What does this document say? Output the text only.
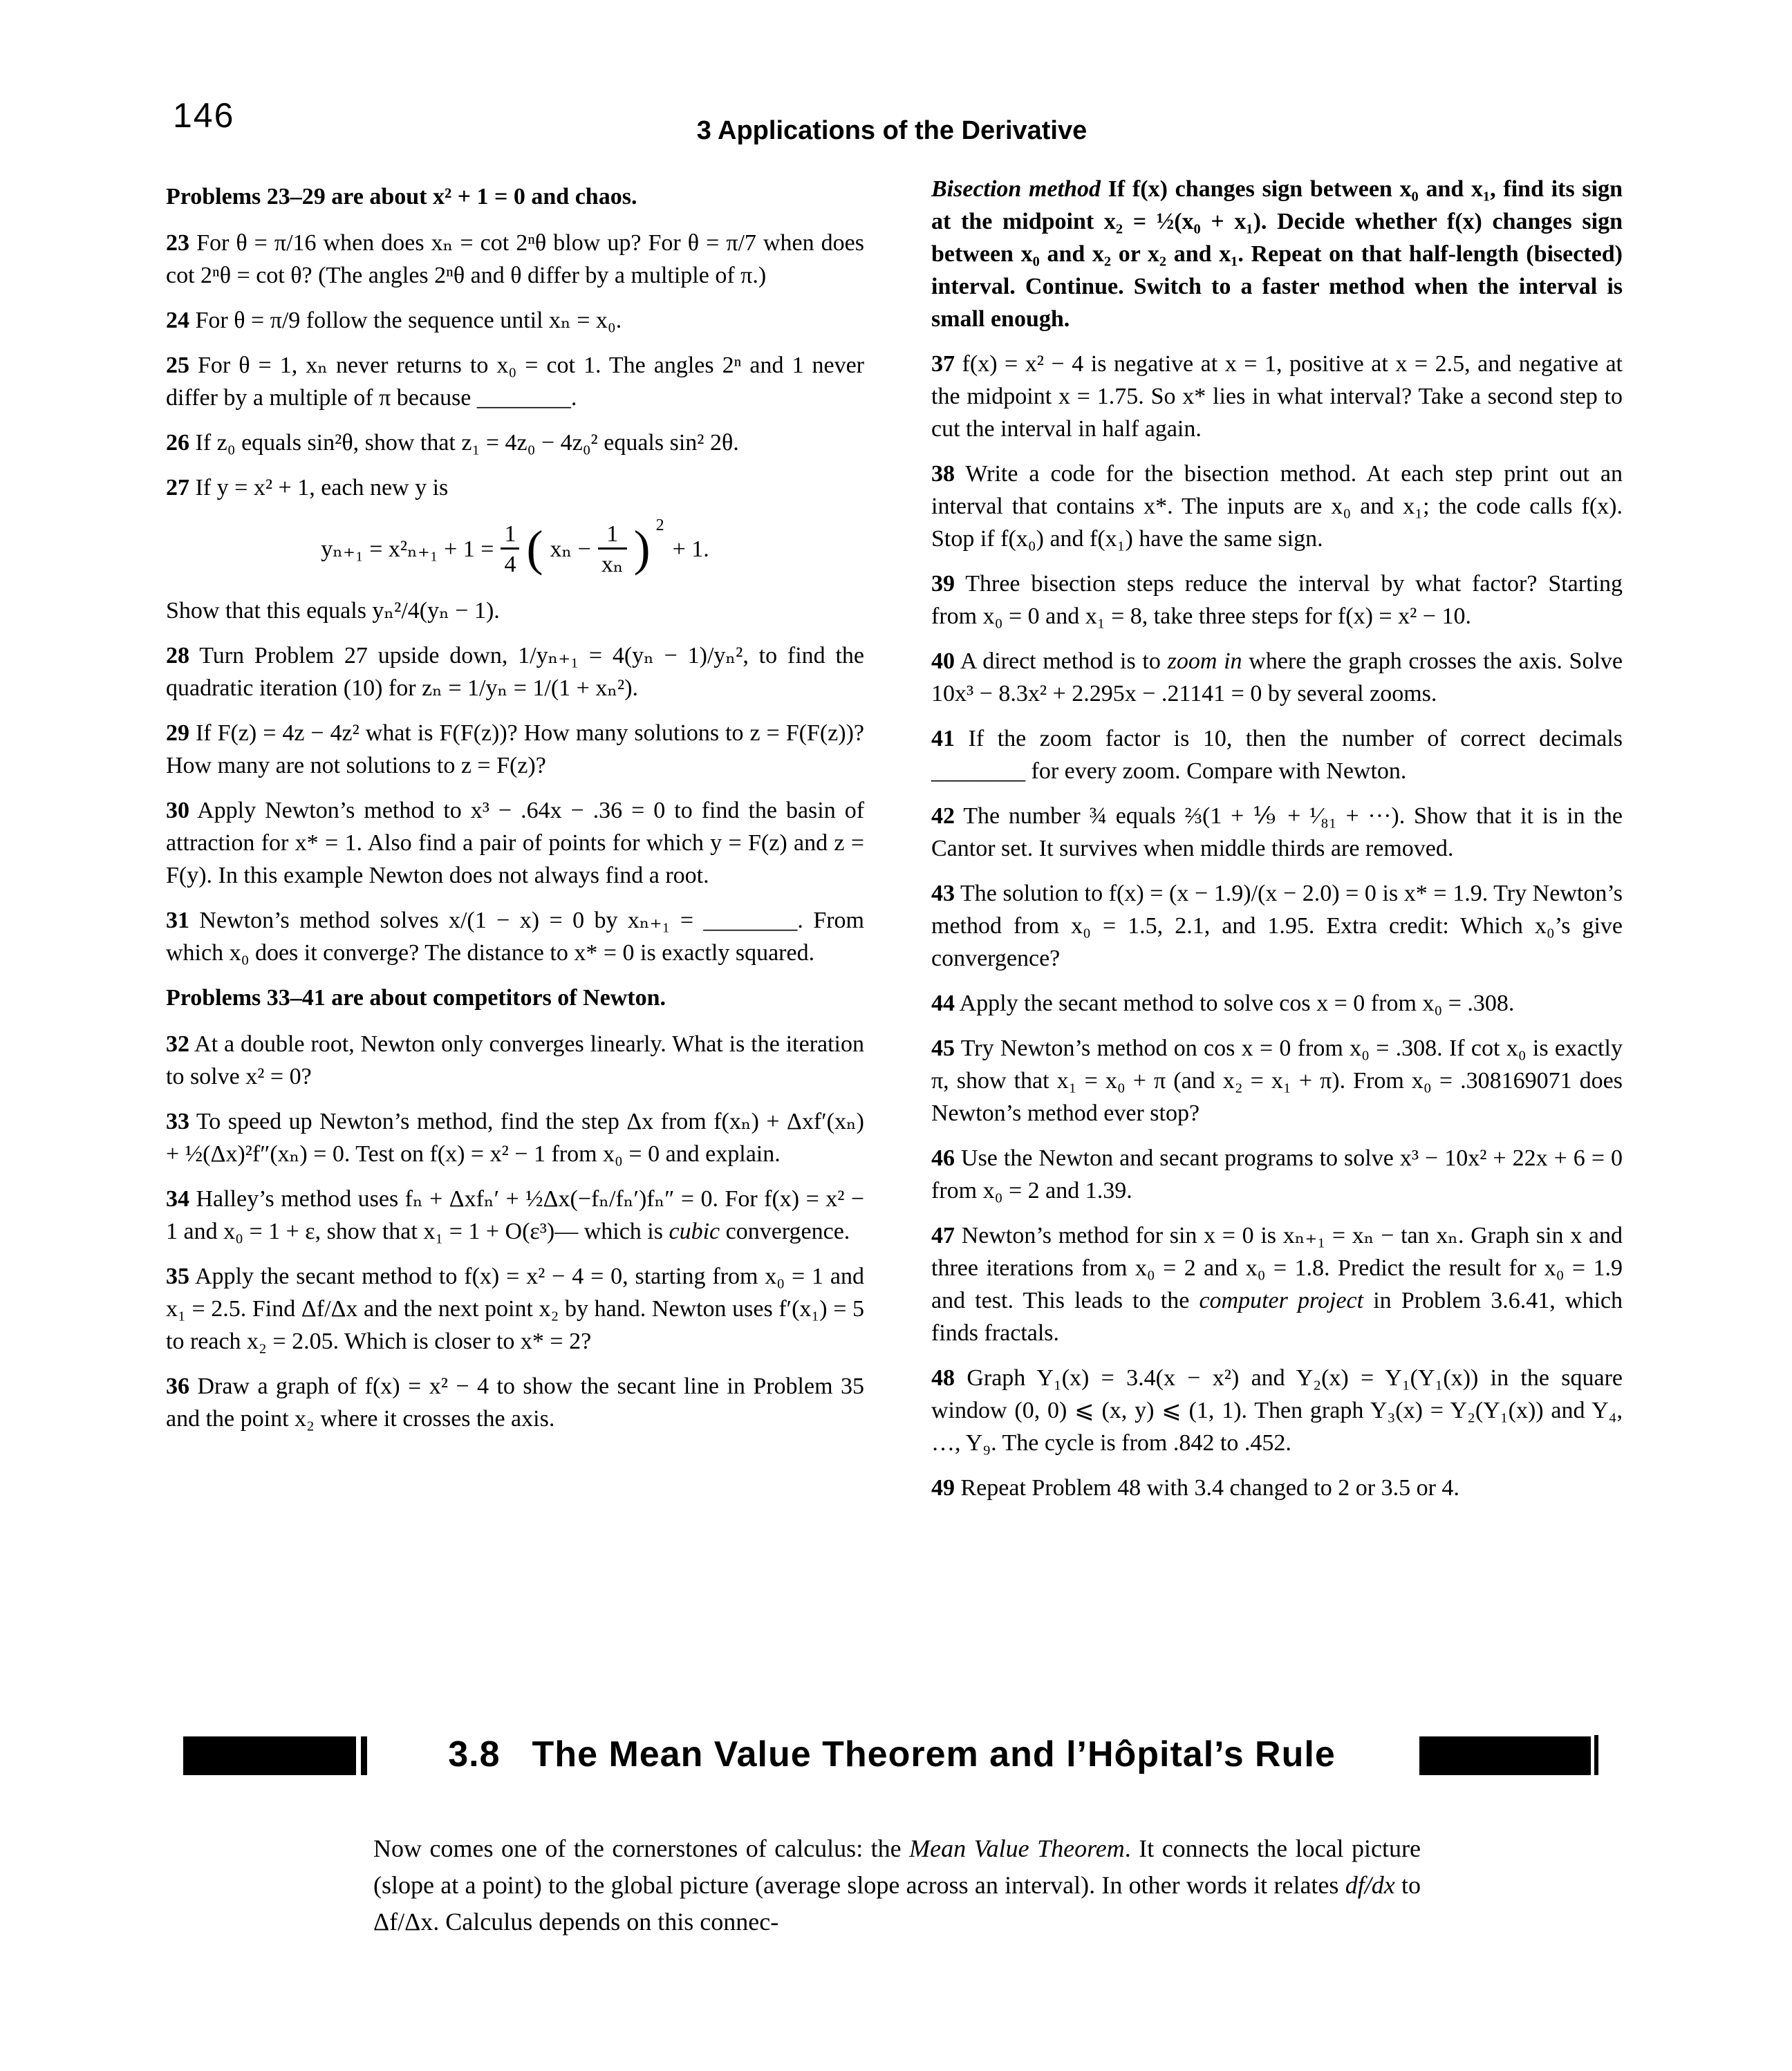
146	3 Applications of the Derivative

Problems 23–29 are about x² + 1 = 0 and chaos.

23 For θ = π/16 when does xₙ = cot 2ⁿθ blow up? For θ = π/7 when does cot 2ⁿθ = cot θ? (The angles 2ⁿθ and θ differ by a multiple of π.)

24 For θ = π/9 follow the sequence until xₙ = x₀.

25 For θ = 1, xₙ never returns to x₀ = cot 1. The angles 2ⁿ and 1 never differ by a multiple of π because ________.

26 If z₀ equals sin²θ, show that z₁ = 4z₀ − 4z₀² equals sin² 2θ.

27 If y = x² + 1, each new y is

$y_{n+1} = x^2_{n+1} + 1 = \frac{1}{4}$ ( $x_n - \frac{1}{\text{xₙ}}$ ) 2
+ 1.

Show that this equals yₙ²/4(yₙ − 1).

28 Turn Problem 27 upside down, 1/yₙ₊₁ = 4(yₙ − 1)/yₙ², to find the quadratic iteration (10) for zₙ = 1/yₙ = 1/(1 + xₙ²).

29 If F(z) = 4z − 4z² what is F(F(z))? How many solutions to z = F(F(z))? How many are not solutions to z = F(z)?

30 Apply Newton’s method to x³ − .64x − .36 = 0 to find the basin of attraction for x* = 1. Also find a pair of points for which y = F(z) and z = F(y). In this example Newton does not always find a root.

31 Newton’s method solves x/(1 − x) = 0 by xₙ₊₁ = ________. From which x₀ does it converge? The distance to x* = 0 is exactly squared.

Problems 33–41 are about competitors of Newton.

32 At a double root, Newton only converges linearly. What is the iteration to solve x² = 0?

33 To speed up Newton’s method, find the step Δx from f(xₙ) + Δxf′(xₙ) + ½(Δx)²f″(xₙ) = 0. Test on f(x) = x² − 1 from x₀ = 0 and explain.

34 Halley’s method uses fₙ + Δxfₙ′ + ½Δx(−fₙ/fₙ′)fₙ″ = 0. For f(x) = x² − 1 and x₀ = 1 + ε, show that x₁ = 1 + O(ε³)— which is cubic convergence.

35 Apply the secant method to f(x) = x² − 4 = 0, starting from x₀ = 1 and x₁ = 2.5. Find Δf/Δx and the next point x₂ by hand. Newton uses f′(x₁) = 5 to reach x₂ = 2.05. Which is closer to x* = 2?

36 Draw a graph of f(x) = x² − 4 to show the secant line in Problem 35 and the point x₂ where it crosses the axis.

Bisection method If f(x) changes sign between x₀ and x₁, find its sign at the midpoint x₂ = ½(x₀ + x₁). Decide whether f(x) changes sign between x₀ and x₂ or x₂ and x₁. Repeat on that half-length (bisected) interval. Continue. Switch to a faster method when the interval is small enough.

37 f(x) = x² − 4 is negative at x = 1, positive at x = 2.5, and negative at the midpoint x = 1.75. So x* lies in what interval? Take a second step to cut the interval in half again.

38 Write a code for the bisection method. At each step print out an interval that contains x*. The inputs are x₀ and x₁; the code calls f(x). Stop if f(x₀) and f(x₁) have the same sign.

39 Three bisection steps reduce the interval by what factor? Starting from x₀ = 0 and x₁ = 8, take three steps for f(x) = x² − 10.

40 A direct method is to zoom in where the graph crosses the axis. Solve 10x³ − 8.3x² + 2.295x − .21141 = 0 by several zooms.

41 If the zoom factor is 10, then the number of correct decimals ________ for every zoom. Compare with Newton.

42 The number ¾ equals ⅔(1 + ⅑ + ¹⁄₈₁ + ···). Show that it is in the Cantor set. It survives when middle thirds are removed.

43 The solution to f(x) = (x − 1.9)/(x − 2.0) = 0 is x* = 1.9. Try Newton’s method from x₀ = 1.5, 2.1, and 1.95. Extra credit: Which x₀’s give convergence?

44 Apply the secant method to solve cos x = 0 from x₀ = .308.

45 Try Newton’s method on cos x = 0 from x₀ = .308. If cot x₀ is exactly π, show that x₁ = x₀ + π (and x₂ = x₁ + π). From x₀ = .308169071 does Newton’s method ever stop?

46 Use the Newton and secant programs to solve x³ − 10x² + 22x + 6 = 0 from x₀ = 2 and 1.39.

47 Newton’s method for sin x = 0 is xₙ₊₁ = xₙ − tan xₙ. Graph sin x and three iterations from x₀ = 2 and x₀ = 1.8. Predict the result for x₀ = 1.9 and test. This leads to the computer project in Problem 3.6.41, which finds fractals.

48 Graph Y₁(x) = 3.4(x − x²) and Y₂(x) = Y₁(Y₁(x)) in the square window (0, 0) ⩽ (x, y) ⩽ (1, 1). Then graph Y₃(x) = Y₂(Y₁(x)) and Y₄, …, Y₉. The cycle is from .842 to .452.

49 Repeat Problem 48 with 3.4 changed to 2 or 3.5 or 4.

3.8 The Mean Value Theorem and l’Hôpital’s Rule
Now comes one of the cornerstones of calculus: the Mean Value Theorem. It connects the local picture (slope at a point) to the global picture (average slope across an interval). In other words it relates df/dx to Δf/Δx. Calculus depends on this connec-
